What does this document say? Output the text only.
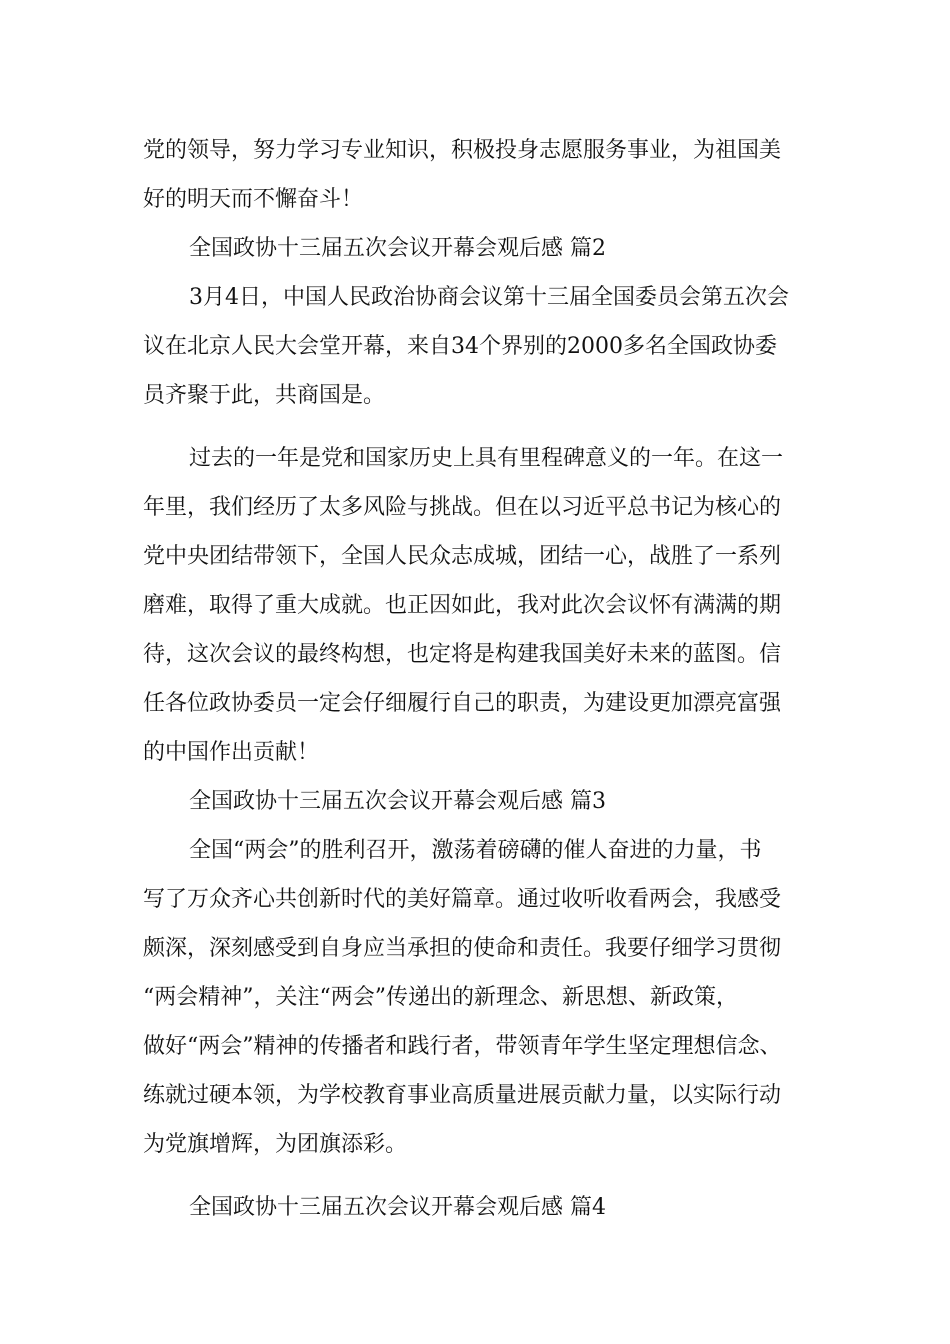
党的领导，努力学习专业知识，积极投身志愿服务事业，为祖国美
好的明天而不懈奋斗！
全国政协十三届五次会议开幕会观后感 篇2
3月4日，中国人民政治协商会议第十三届全国委员会第五次会
议在北京人民大会堂开幕，来自34个界别的2000多名全国政协委
员齐聚于此，共商国是。
过去的一年是党和国家历史上具有里程碑意义的一年。在这一
年里，我们经历了太多风险与挑战。但在以习近平总书记为核心的
党中央团结带领下，全国人民众志成城，团结一心，战胜了一系列
磨难，取得了重大成就。也正因如此，我对此次会议怀有满满的期
待，这次会议的最终构想，也定将是构建我国美好未来的蓝图。信
任各位政协委员一定会仔细履行自己的职责，为建设更加漂亮富强
的中国作出贡献！
全国政协十三届五次会议开幕会观后感 篇3
全国“两会”的胜利召开，激荡着磅礴的催人奋进的力量，书
写了万众齐心共创新时代的美好篇章。通过收听收看两会，我感受
颇深，深刻感受到自身应当承担的使命和责任。我要仔细学习贯彻
“两会精神”，关注“两会”传递出的新理念、新思想、新政策，
做好“两会”精神的传播者和践行者，带领青年学生坚定理想信念、
练就过硬本领，为学校教育事业高质量进展贡献力量，以实际行动
为党旗增辉，为团旗添彩。
全国政协十三届五次会议开幕会观后感 篇4
